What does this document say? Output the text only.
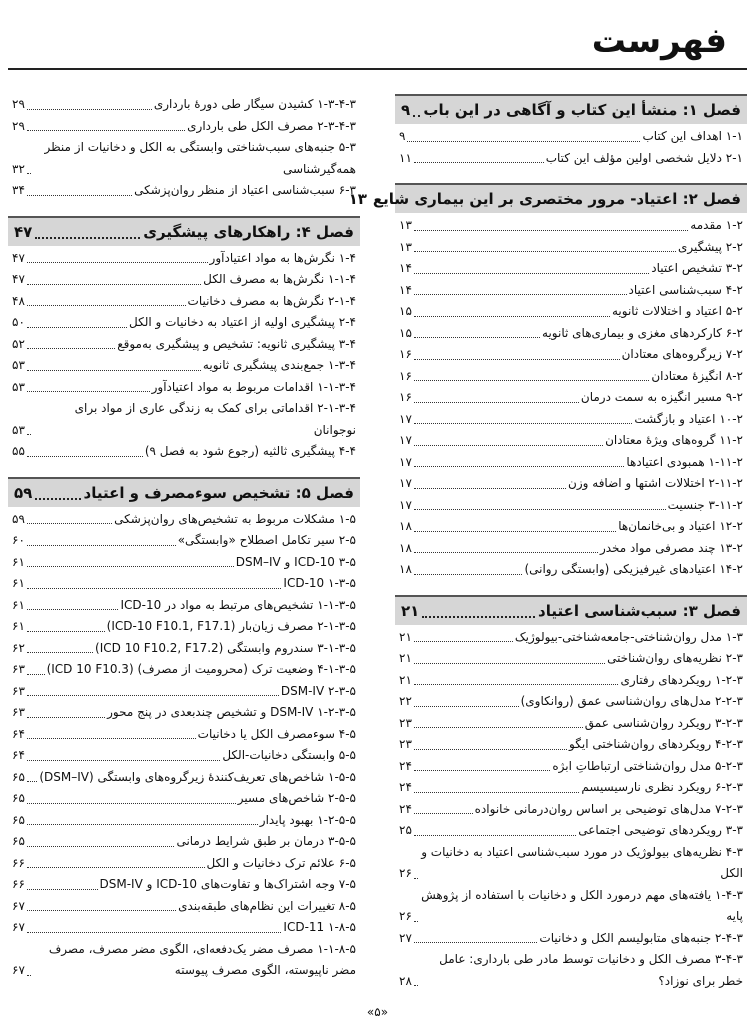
فهرست
فصل ۱: منشأ این کتاب و آگاهی در این باب
۹
۱-۱ اهداف این کتاب
۹
۲-۱ دلایل شخصی اولین مؤلف این کتاب
۱۱
فصل ۲: اعتیاد- مرور مختصری بر این بیماری شایع
۱۳
۱-۲ مقدمه
۱۳
۲-۲ پیشگیری
۱۳
۳-۲ تشخیص اعتیاد
۱۴
۴-۲ سبب‌شناسی اعتیاد
۱۴
۵-۲ اعتیاد و اختلالات ثانویه
۱۵
۶-۲ کارکردهای مغزی و بیماری‌های ثانویه
۱۵
۷-۲ زیرگروه‌های معتادان
۱۶
۸-۲ انگیزهٔ معتادان
۱۶
۹-۲ مسیر انگیزه به سمت درمان
۱۶
۱۰-۲ اعتیاد و بازگشت
۱۷
۱۱-۲ گروه‌های ویژهٔ معتادان
۱۷
۱-۱۱-۲ همبودی اعتیادها
۱۷
۲-۱۱-۲ اختلالات اشتها و اضافه وزن
۱۷
۳-۱۱-۲ جنسیت
۱۷
۱۲-۲ اعتیاد و بی‌خانمان‌ها
۱۸
۱۳-۲ چند مصرفی مواد مخدر
۱۸
۱۴-۲ اعتیادهای غیرفیزیکی (وابستگی روانی)
۱۸
فصل ۳: سبب‌شناسی اعتیاد
۲۱
۱-۳ مدل روان‌شناختی-جامعه‌شناختی-بیولوژیک
۲۱
۲-۳ نظریه‌های روان‌شناختی
۲۱
۱-۲-۳ رویکردهای رفتاری
۲۱
۲-۲-۳ مدل‌های روان‌شناسی عمق (روانکاوی)
۲۲
۳-۲-۳ رویکرد روان‌شناسی عمق
۲۳
۴-۲-۳ رویکردهای روان‌شناختی ایگو
۲۳
۵-۲-۳ مدل روان‌شناختی ارتباطاتِ ابژه
۲۴
۶-۲-۳ رویکرد نظری نارسیسیسم
۲۴
۷-۲-۳ مدل‌های توضیحی بر اساس روان‌درمانی خانواده
۲۴
۳-۳ رویکردهای توضیحی اجتماعی
۲۵
۴-۳ نظریه‌های بیولوژیک در مورد سبب‌شناسی اعتیاد به دخانیات و الکل
۲۶
۱-۴-۳ یافته‌های مهم درمورد الکل و دخانیات با استفاده از پژوهش پایه
۲۶
۲-۴-۳ جنبه‌های متابولیسم الکل و دخانیات
۲۷
۳-۴-۳ مصرف الکل و دخانیات توسط مادر طی بارداری: عامل خطر برای نوزاد؟
۲۸
۱-۳-۴-۳ کشیدن سیگار طی دورهٔ بارداری
۲۹
۲-۳-۴-۳ مصرف الکل طی بارداری
۲۹
۵-۳ جنبه‌های سبب‌شناختی وابستگی به الکل و دخانیات از منظر همه‌گیرشناسی
۳۲
۶-۳ سبب‌شناسی اعتیاد از منظر روان‌پزشکی
۳۴
فصل ۴: راهکارهای پیشگیری
۴۷
۱-۴ نگرش‌ها به مواد اعتیادآور
۴۷
۱-۱-۴ نگرش‌ها به مصرف الکل
۴۷
۲-۱-۴ نگرش‌ها به مصرف دخانیات
۴۸
۲-۴ پیشگیری اولیه از اعتیاد به دخانیات و الکل
۵۰
۳-۴ پیشگیری ثانویه: تشخیص و پیشگیری به‌موقع
۵۲
۱-۳-۴ جمع‌بندی پیشگیری ثانویه
۵۳
۱-۱-۳-۴ اقدامات مربوط به مواد اعتیادآور
۵۳
۲-۱-۳-۴ اقداماتی برای کمک به زندگی عاری از مواد برای نوجوانان
۵۳
۴-۴ پیشگیری ثالثیه (رجوع شود به فصل ۹)
۵۵
فصل ۵: تشخیص سوءمصرف و اعتیاد
۵۹
۱-۵ مشکلات مربوط به تشخیص‌های روان‌پزشکی
۵۹
۲-۵ سیر تکامل اصطلاح «وابستگی»
۶۰
۳-۵ ICD-10 و DSM–IV
۶۱
۱-۳-۵ ICD-10
۶۱
۱-۱-۳-۵ تشخیص‌های مرتبط به مواد در ICD-10
۶۱
۲-۱-۳-۵ مصرف زیان‌بار (ICD-10 F10.1, F17.1)
۶۱
۳-۱-۳-۵ سندروم وابستگی (ICD 10 F10.2, F17.2)
۶۲
۴-۱-۳-۵ وضعیت ترک (محرومیت از مصرف) (ICD 10 F10.3)
۶۳
۲-۳-۵ DSM-IV
۶۳
۱-۲-۳-۵ DSM-IV و تشخیص چندبعدی در پنج محور
۶۳
۴-۵ سوءمصرف الکل یا دخانیات
۶۴
۵-۵ وابستگی دخانیات-الکل
۶۴
۱-۵-۵ شاخص‌های تعریف‌کنندهٔ زیرگروه‌های وابستگی (DSM–IV)
۶۵
۲-۵-۵ شاخص‌های مسیر
۶۵
۱-۲-۵-۵ بهبود پایدار
۶۵
۳-۵-۵ درمان بر طبق شرایط درمانی
۶۵
۶-۵ علائم ترک دخانیات و الکل
۶۶
۷-۵ وجه اشتراک‌ها و تفاوت‌های ICD-10 و DSM-IV
۶۶
۸-۵ تغییرات این نظام‌های طبقه‌بندی
۶۷
۱-۸-۵ ICD-11
۶۷
۱-۱-۸-۵ مصرف مضر یک‌دفعه‌ای، الگوی مضر مصرف، مصرف مضر ناپیوسته، الگوی مصرف پیوسته
۶۷
«۵»
